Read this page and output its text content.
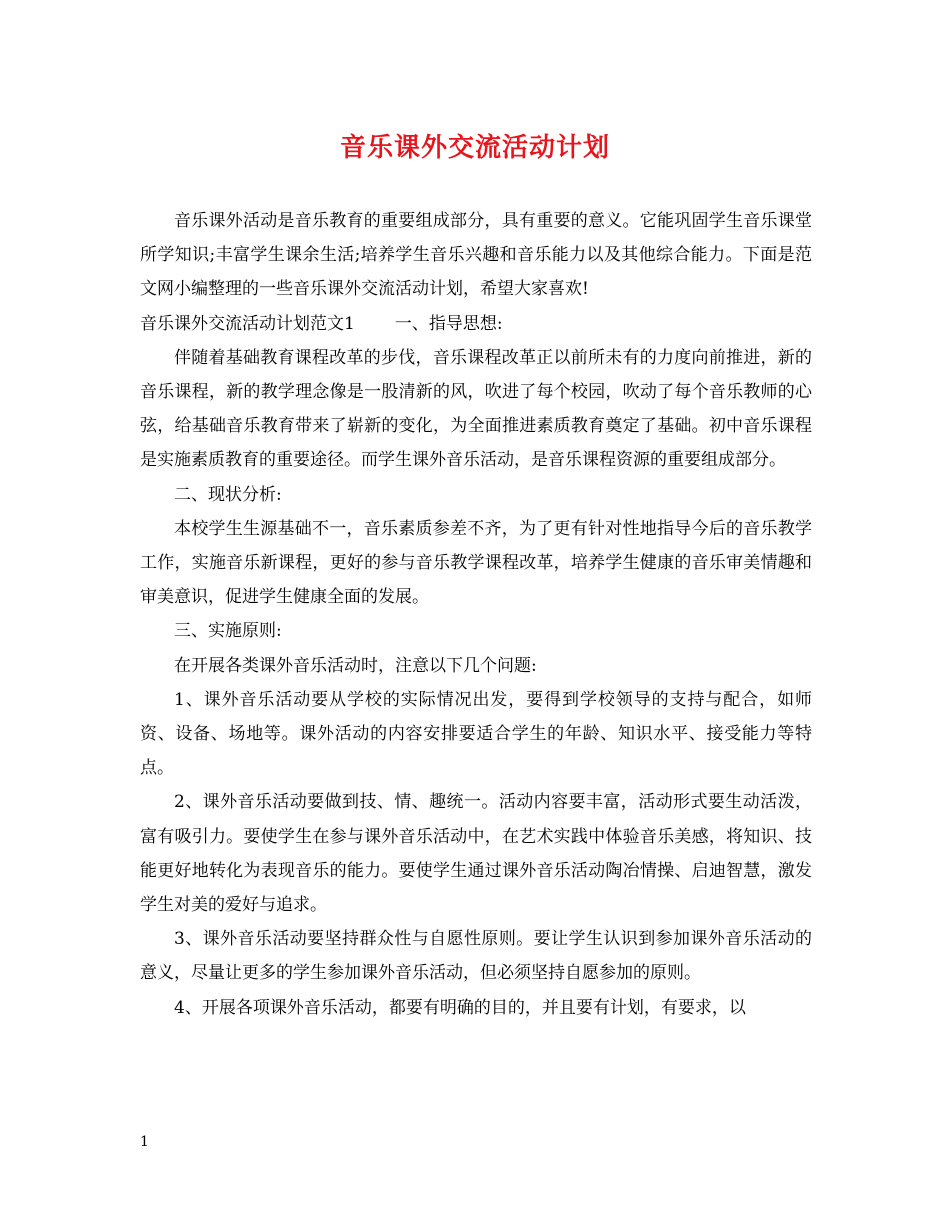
音乐课外交流活动计划

音乐课外活动是音乐教育的重要组成部分，具有重要的意义。它能巩固学生音乐课堂所学知识;丰富学生课余生活;培养学生音乐兴趣和音乐能力以及其他综合能力。下面是范文网小编整理的一些音乐课外交流活动计划，希望大家喜欢!

音乐课外交流活动计划范文1 一、指导思想:

伴随着基础教育课程改革的步伐，音乐课程改革正以前所未有的力度向前推进，新的音乐课程，新的教学理念像是一股清新的风，吹进了每个校园，吹动了每个音乐教师的心弦，给基础音乐教育带来了崭新的变化，为全面推进素质教育奠定了基础。初中音乐课程是实施素质教育的重要途径。而学生课外音乐活动，是音乐课程资源的重要组成部分。

二、现状分析:

本校学生生源基础不一，音乐素质参差不齐，为了更有针对性地指导今后的音乐教学工作，实施音乐新课程，更好的参与音乐教学课程改革，培养学生健康的音乐审美情趣和审美意识，促进学生健康全面的发展。

三、实施原则:

在开展各类课外音乐活动时，注意以下几个问题:

1、课外音乐活动要从学校的实际情况出发，要得到学校领导的支持与配合，如师资、设备、场地等。课外活动的内容安排要适合学生的年龄、知识水平、接受能力等特点。

2、课外音乐活动要做到技、情、趣统一。活动内容要丰富，活动形式要生动活泼，富有吸引力。要使学生在参与课外音乐活动中，在艺术实践中体验音乐美感，将知识、技能更好地转化为表现音乐的能力。要使学生通过课外音乐活动陶冶情操、启迪智慧，激发学生对美的爱好与追求。

3、课外音乐活动要坚持群众性与自愿性原则。要让学生认识到参加课外音乐活动的意义，尽量让更多的学生参加课外音乐活动，但必须坚持自愿参加的原则。

4、开展各项课外音乐活动，都要有明确的目的，并且要有计划，有要求，以

1
